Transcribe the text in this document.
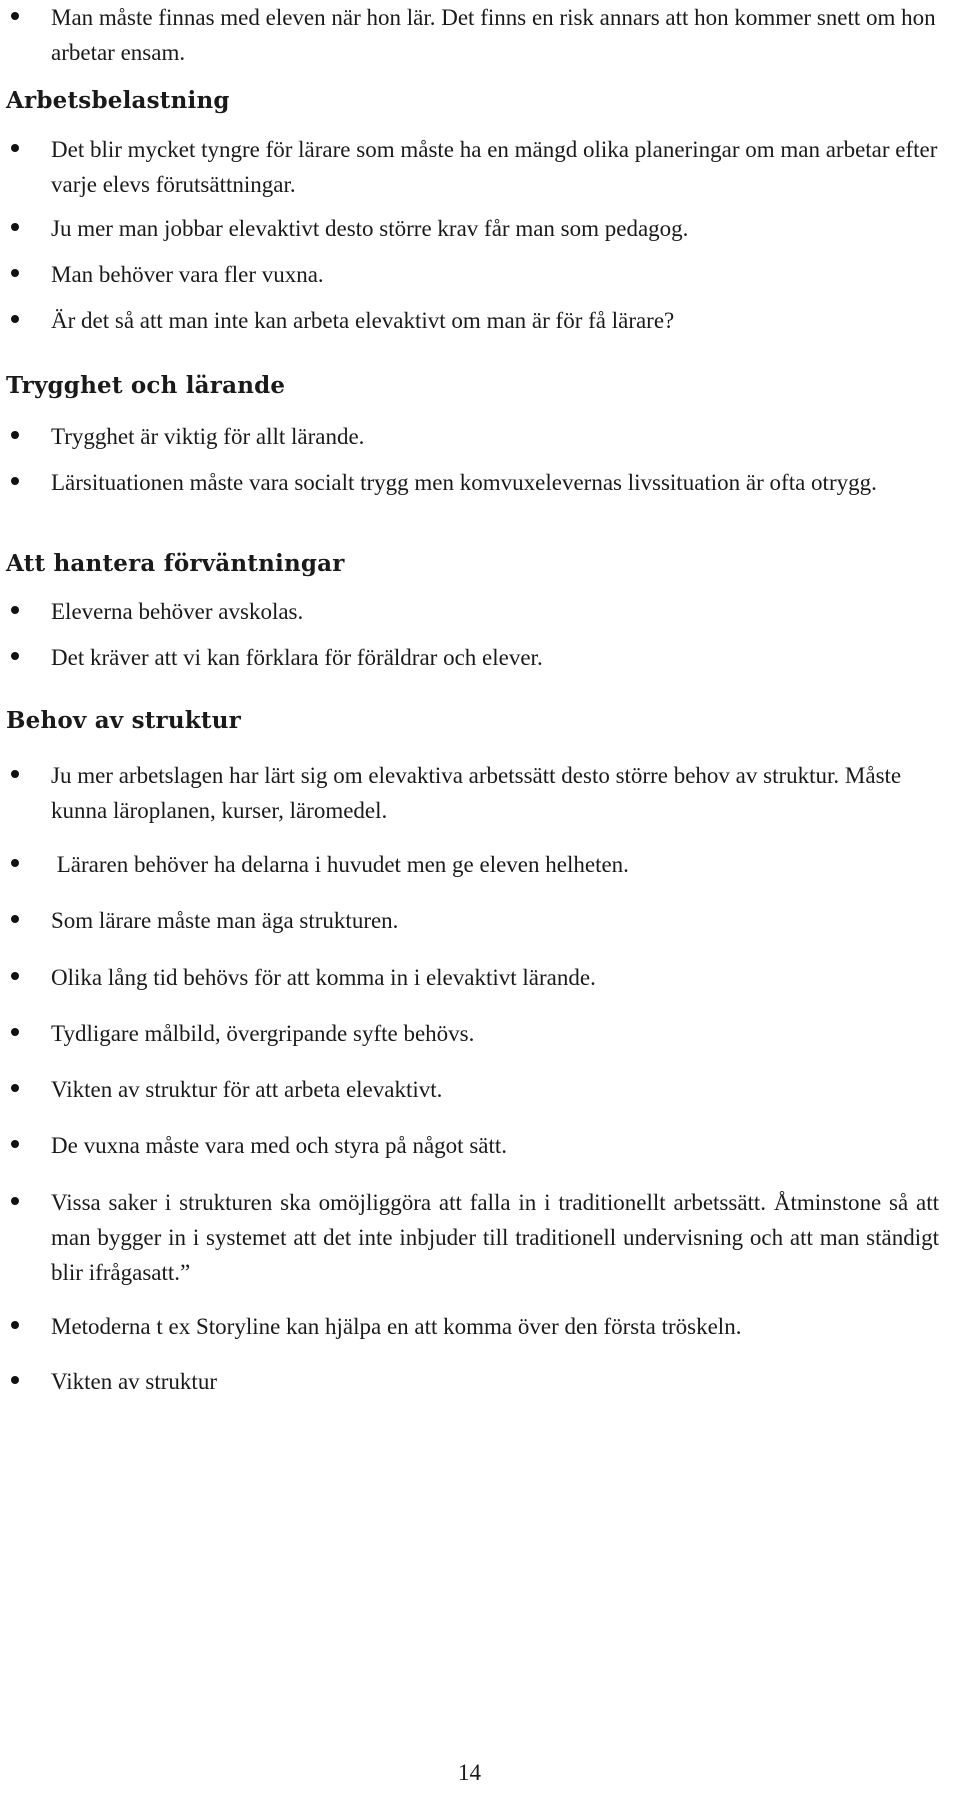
Man måste finnas med eleven när hon lär. Det finns en risk annars att hon kommer snett om hon arbetar ensam.

Arbetsbelastning

Det blir mycket tyngre för lärare som måste ha en mängd olika planeringar om man arbetar efter varje elevs förutsättningar.

Ju mer man jobbar elevaktivt desto större krav får man som pedagog.

Man behöver vara fler vuxna.

Är det så att man inte kan arbeta elevaktivt om man är för få lärare?

Trygghet och lärande

Trygghet är viktig för allt lärande.

Lärsituationen måste vara socialt trygg men komvuxelevernas livssituation är ofta otrygg.

Att hantera förväntningar

Eleverna behöver avskolas.

Det kräver att vi kan förklara för föräldrar och elever.

Behov av struktur

Ju mer arbetslagen har lärt sig om elevaktiva arbetssätt desto större behov av struktur. Måste kunna läroplanen, kurser, läromedel.

Läraren behöver ha delarna i huvudet men ge eleven helheten.

Som lärare måste man äga strukturen.

Olika lång tid behövs för att komma in i elevaktivt lärande.

Tydligare målbild, övergripande syfte behövs.

Vikten av struktur för att arbeta elevaktivt.

De vuxna måste vara med och styra på något sätt.

Vissa saker i strukturen ska omöjliggöra att falla in i traditionellt arbetssätt. Åtminstone så att man bygger in i systemet att det inte inbjuder till traditionell undervisning och att man ständigt blir ifrågasatt.”

Metoderna t ex Storyline kan hjälpa en att komma över den första tröskeln.

Vikten av struktur

14
